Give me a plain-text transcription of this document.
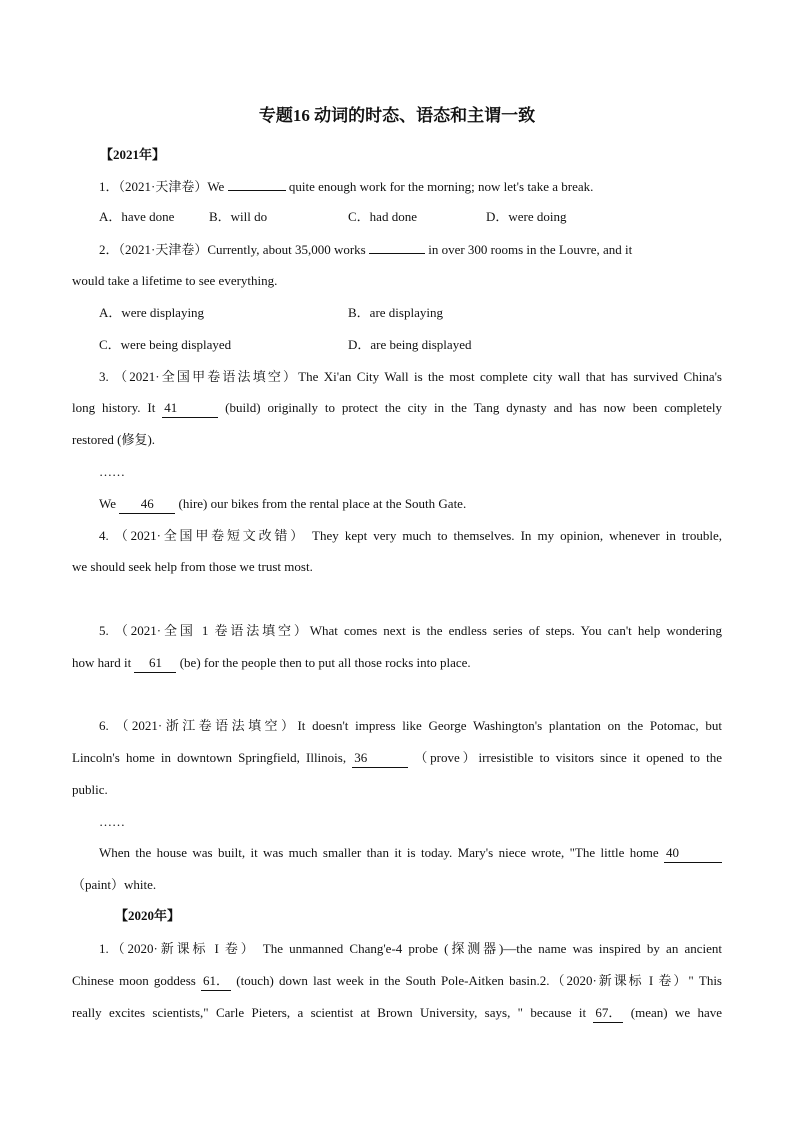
专题16 动词的时态、语态和主谓一致
【2021年】
1．（2021·天津卷）We	quite enough work for the morning; now let's take a break.
A．have done	B．will do	C．had done	D．were doing
2．（2021·天津卷）Currently, about 35,000 works	in over 300 rooms in the Louvre, and it
would take a lifetime to see everything.
A．were displaying	B．are displaying
C．were being displayed	D．are being displayed
3. （2021·全国甲卷语法填空）The Xi'an City Wall is the most complete city wall that has survived China's
long history. It 41	(build) originally to protect the city in the Tang dynasty and has now been completely
restored (修复).
……
We 46 (hire) our bikes from the rental place at the South Gate.
4. （2021·全国甲卷短文改错） They kept very much to themselves. In my opinion, whenever in trouble,
we should seek help from those we trust most.
5. （2021·全国 1 卷语法填空）What comes next is the endless series of steps. You can't help wondering
how hard it 61 (be) for the people then to put all those rocks into place.
6. （2021·浙江卷语法填空）It doesn't impress like George Washington's plantation on the Potomac, but
Lincoln's home in downtown Springfield, Illinois, 36	（prove）irresistible to visitors since it opened to the
public.
……
When the house was built, it was much smaller than it is today. Mary's niece wrote, "The little home 40
（paint）white.
【2020年】
1.（2020·新课标 I 卷） The unmanned Chang'e-4 probe (探测器)—the name was inspired by an ancient
Chinese moon goddess 61． (touch) down last week in the South Pole-Aitken basin.2.（2020·新课标 I 卷）" This
really excites scientists," Carle Pieters, a scientist at Brown University, says, " because it 67． (mean) we have
